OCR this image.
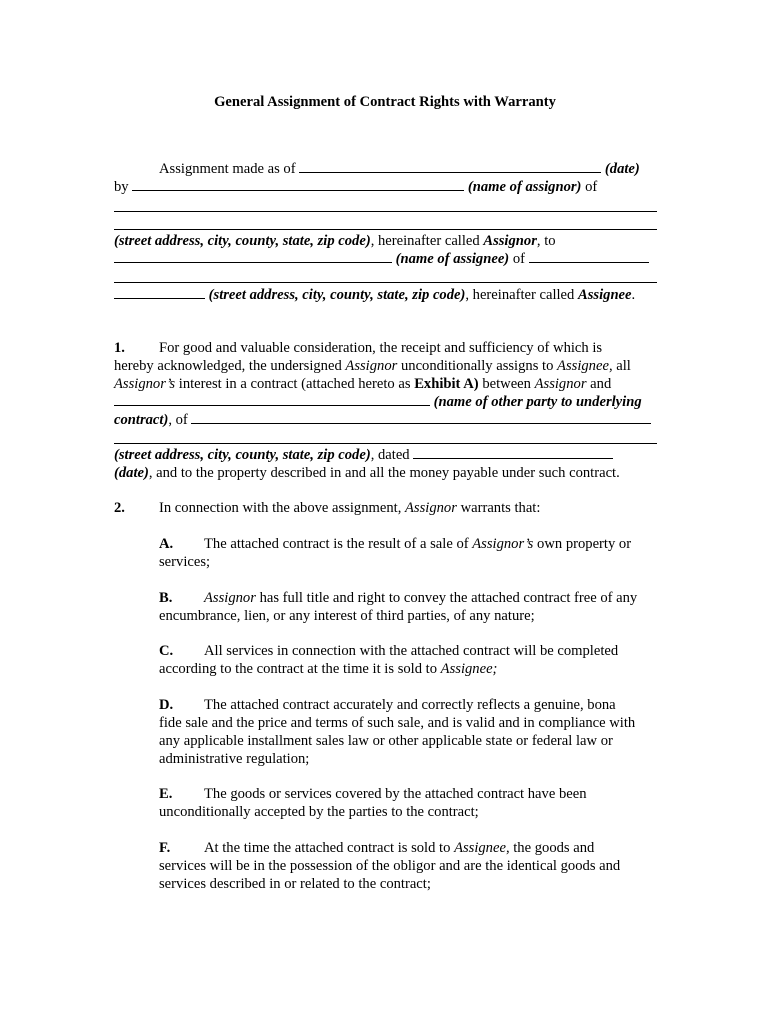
General Assignment of Contract Rights with Warranty
Assignment made as of	(date)
by	(name of assignor) of
(street address, city, county, state, zip code), hereinafter called Assignor, to
(name of assignee) of
(street address, city, county, state, zip code), hereinafter called Assignee.
1. For good and valuable consideration, the receipt and sufficiency of which is
hereby acknowledged, the undersigned Assignor unconditionally assigns to Assignee, all
Assignor’s interest in a contract (attached hereto as Exhibit A) between Assignor and
(name of other party to underlying
contract), of
(street address, city, county, state, zip code), dated
(date), and to the property described in and all the money payable under such contract.
2. In connection with the above assignment, Assignor warrants that:
A. The attached contract is the result of a sale of Assignor’s own property or
services;
B. Assignor has full title and right to convey the attached contract free of any
encumbrance, lien, or any interest of third parties, of any nature;
C. All services in connection with the attached contract will be completed
according to the contract at the time it is sold to Assignee;
D. The attached contract accurately and correctly reflects a genuine, bona
fide sale and the price and terms of such sale, and is valid and in compliance with
any applicable installment sales law or other applicable state or federal law or
administrative regulation;
E. The goods or services covered by the attached contract have been
unconditionally accepted by the parties to the contract;
F. At the time the attached contract is sold to Assignee, the goods and
services will be in the possession of the obligor and are the identical goods and
services described in or related to the contract;
